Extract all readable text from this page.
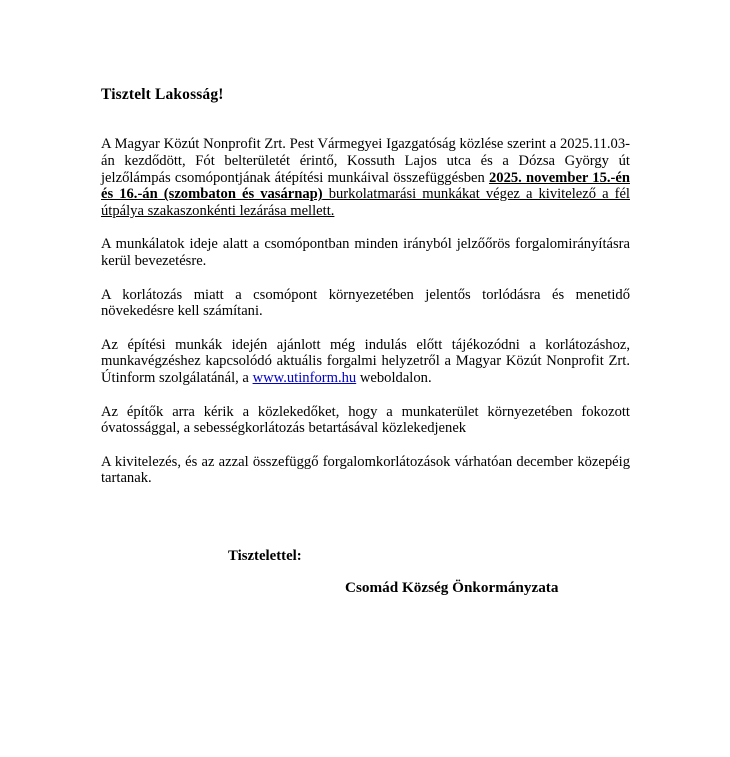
Tisztelt Lakosság!

A Magyar Közút Nonprofit Zrt. Pest Vármegyei Igazgatóság közlése szerint a 2025.11.03-án kezdődött, Fót belterületét érintő, Kossuth Lajos utca és a Dózsa György út jelzőlámpás csomópontjának átépítési munkáival összefüggésben 2025. november 15.-én és 16.-án (szombaton és vasárnap) burkolatmarási munkákat végez a kivitelező a fél útpálya szakaszonkénti lezárása mellett.

A munkálatok ideje alatt a csomópontban minden irányból jelzőőrös forgalomirányításra kerül bevezetésre.

A korlátozás miatt a csomópont környezetében jelentős torlódásra és menetidő növekedésre kell számítani.

Az építési munkák idején ajánlott még indulás előtt tájékozódni a korlátozáshoz, munkavégzéshez kapcsolódó aktuális forgalmi helyzetről a Magyar Közút Nonprofit Zrt. Útinform szolgálatánál, a www.utinform.hu weboldalon.

Az építők arra kérik a közlekedőket, hogy a munkaterület környezetében fokozott óvatossággal, a sebességkorlátozás betartásával közlekedjenek

A kivitelezés, és az azzal összefüggő forgalomkorlátozások várhatóan december közepéig tartanak.

Tisztelettel:
Csomád Község Önkormányzata
